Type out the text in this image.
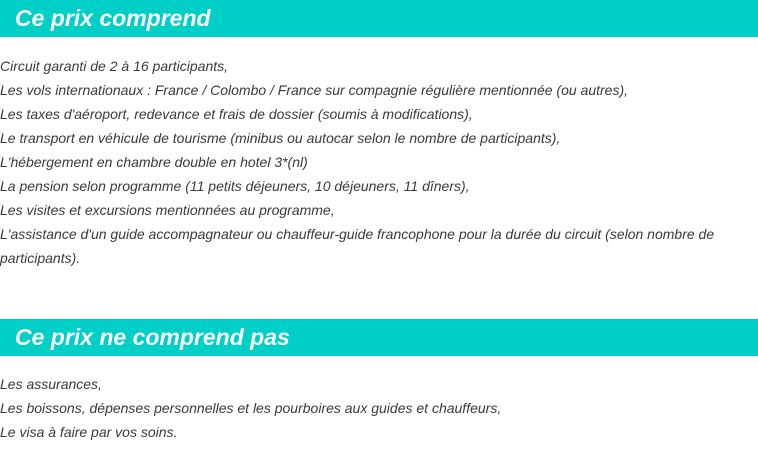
Ce prix comprend
Circuit garanti de 2 à 16 participants,
Les vols internationaux : France / Colombo / France sur compagnie régulière mentionnée (ou autres),
Les taxes d'aéroport, redevance et frais de dossier (soumis à modifications),
Le transport en véhicule de tourisme (minibus ou autocar selon le nombre de participants),
L'hébergement en chambre double en hotel 3*(nl)
La pension selon programme (11 petits déjeuners, 10 déjeuners, 11 dîners),
Les visites et excursions mentionnées au programme,
L'assistance d'un guide accompagnateur ou chauffeur-guide francophone pour la durée du circuit (selon nombre de participants).
Ce prix ne comprend pas
Les assurances,
Les boissons, dépenses personnelles et les pourboires aux guides et chauffeurs,
Le visa à faire par vos soins.
